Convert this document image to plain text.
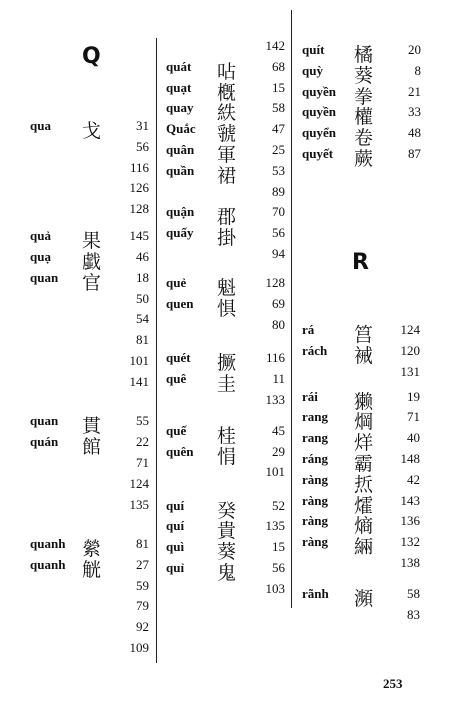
Q
qua 戈	31
56
116
126
128
quả 果 145
quạ 戱	46
quan 官	18
50
54
81
101
141
quan 貫	55
quán 館	22
71
124
135
quanh 縈	81
quanh 觥	27
59
79
92
109
142
quát 呫	68
quạt 槪	15
quay 紩	58
Quắc 虢	47
quân 軍	25
quần 裙	53
89
quận 郡	70
quấy 掛	56
94
quẻ 魁 128
quen 惧	69
80
quét 撅 116
quê 圭	11
133
quế 桂	45
quên 悁	29
101
quí 癸	52
quí 貴 135
quì 葵	15
quỉ 鬼	56
103
R
quít 橘	20
quỳ 葵	8
quyền 拳	21
quyền 權	33
quyển 卷	48
quyết 蕨	87
rá 筥 124
rách 裓 120
131
rái 獭	19
rang 焵	71
rang 烊	40
ráng 霸 148
ràng 焎	42
ràng 㸌 143
ràng 熵 136
ràng 緉 132
138
rãnh 瀕	58
83
253
